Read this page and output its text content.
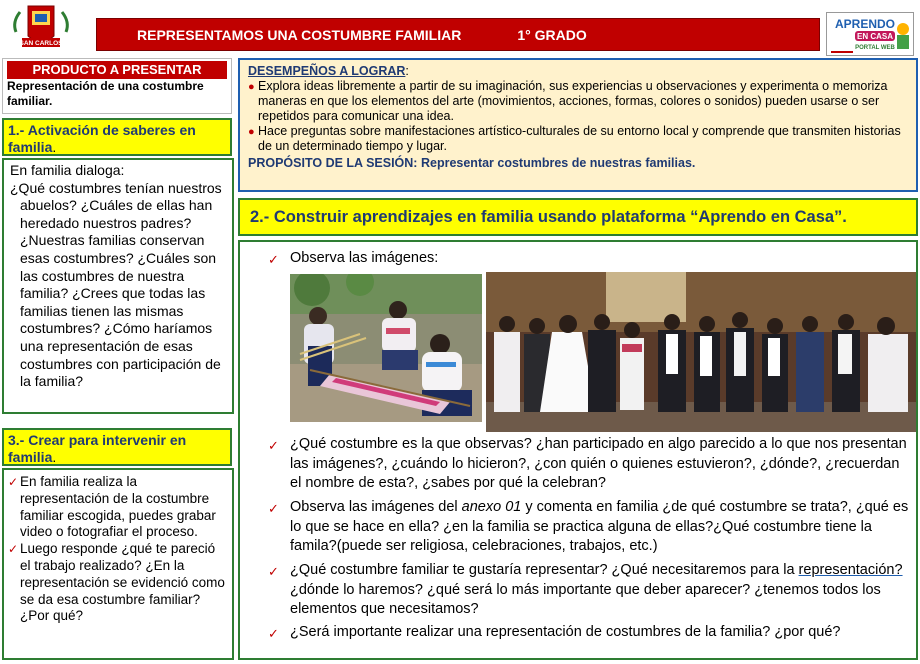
SAN CARLOS
REPRESENTAMOS UNA COSTUMBRE FAMILIAR	1° GRADO
APRENDO
EN CASA
PORTAL WEB
PRODUCTO A PRESENTAR
Representación de una costumbre familiar.
1.- Activación de saberes en familia.
En familia dialoga:
¿Qué costumbres tenían nuestros abuelos? ¿Cuáles de ellas han heredado nuestros padres? ¿Nuestras familias conservan esas costumbres? ¿Cuáles son las costumbres de nuestra familia? ¿Crees que todas las familias tienen las mismas costumbres? ¿Cómo haríamos una representación de esas costumbres con participación de la familia?
3.- Crear para intervenir en familia.
✓ En familia realiza la representación de la costumbre familiar escogida, puedes grabar video o fotografiar el proceso.
✓ Luego responde ¿qué te pareció el trabajo realizado? ¿En la representación se evidenció como se da esa costumbre familiar? ¿Por qué?
DESEMPEÑOS A LOGRAR:
● Explora ideas libremente a partir de su imaginación, sus experiencias u observaciones y experimenta o memoriza maneras en que los elementos del arte (movimientos, acciones, formas, colores o sonidos) pueden usarse o ser repetidos para comunicar una idea.
● Hace preguntas sobre manifestaciones artístico-culturales de su entorno local y comprende que transmiten historias de un determinado tiempo y lugar.
PROPÓSITO DE LA SESIÓN: Representar costumbres de nuestras familias.
2.- Construir aprendizajes en familia usando plataforma “Aprendo en Casa”.
✓ Observa las imágenes:
✓ ¿Qué costumbre es la que observas? ¿han participado en algo parecido a lo que nos presentan las imágenes?, ¿cuándo lo hicieron?, ¿con quién o quienes estuvieron?, ¿dónde?, ¿recuerdan el nombre de esta?, ¿sabes por qué la celebran?
✓ Observa las imágenes del anexo 01 y comenta en familia ¿de qué costumbre se trata?, ¿qué es lo que se hace en ella? ¿en la familia se practica alguna de ellas?¿Qué costumbre tiene la famila?(puede ser religiosa, celebraciones, trabajos, etc.)
✓ ¿Qué costumbre familiar te gustaría representar? ¿Qué necesitaremos para la representación?¿dónde lo haremos? ¿qué será lo más importante que deber aparecer? ¿tenemos todos los elementos que necesitamos?
✓ ¿Será importante realizar una representación de costumbres de la familia? ¿por qué?
